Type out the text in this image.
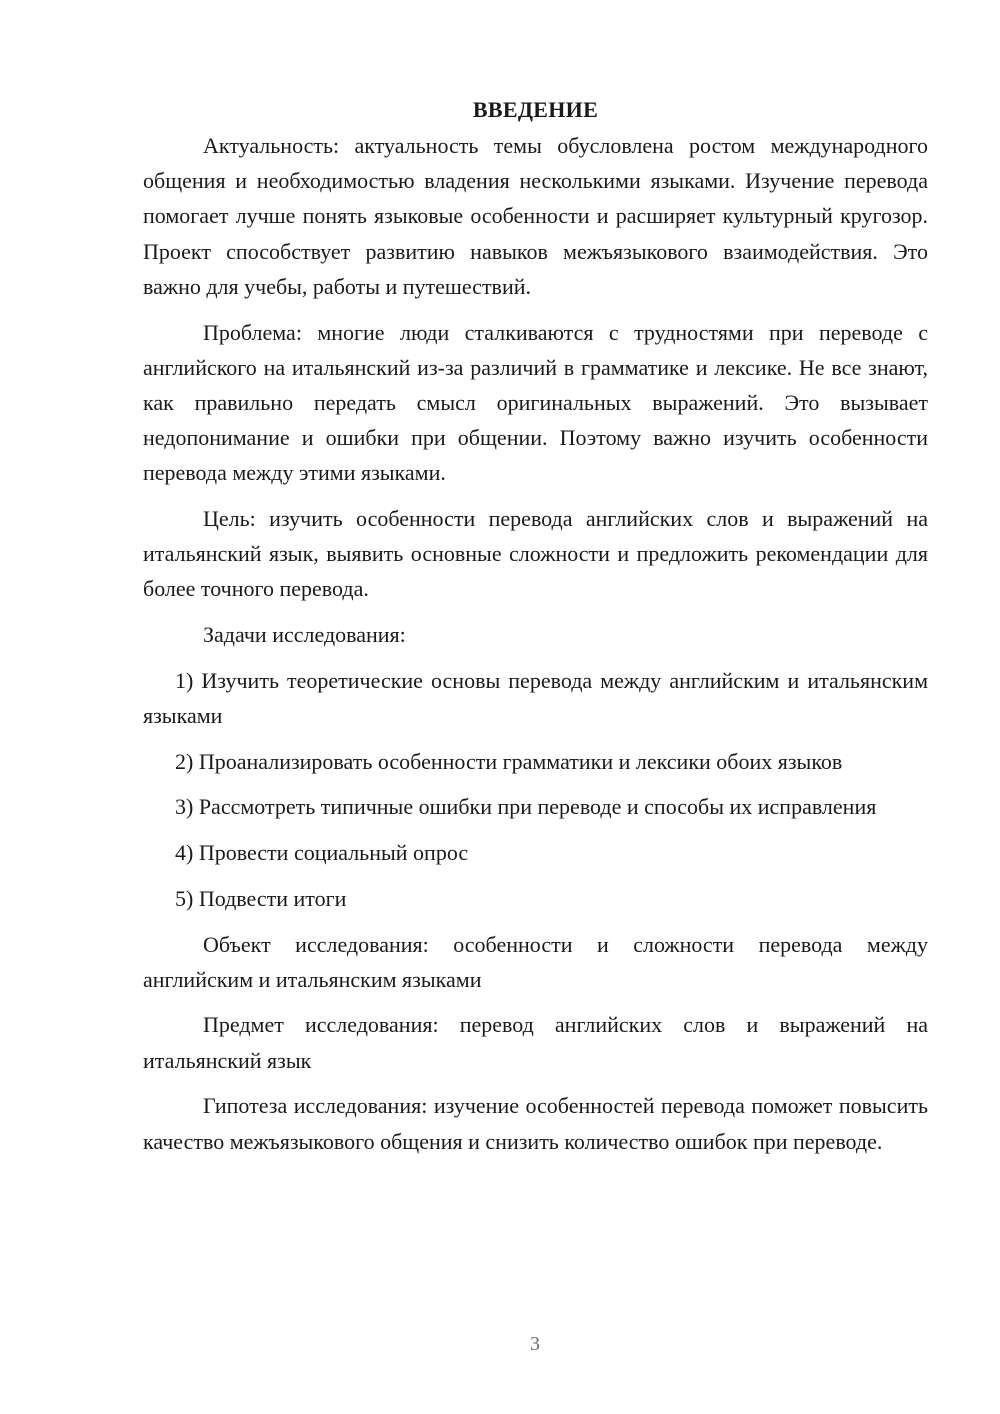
ВВЕДЕНИЕ

Актуальность: актуальность темы обусловлена ростом международного общения и необходимостью владения несколькими языками. Изучение перевода помогает лучше понять языковые особенности и расширяет культурный кругозор. Проект способствует развитию навыков межъязыкового взаимодействия. Это важно для учебы, работы и путешествий.

Проблема: многие люди сталкиваются с трудностями при переводе с английского на итальянский из-за различий в грамматике и лексике. Не все знают, как правильно передать смысл оригинальных выражений. Это вызывает недопонимание и ошибки при общении. Поэтому важно изучить особенности перевода между этими языками.

Цель: изучить особенности перевода английских слов и выражений на итальянский язык, выявить основные сложности и предложить рекомендации для более точного перевода.

Задачи исследования:

1) Изучить теоретические основы перевода между английским и итальянским языками

2) Проанализировать особенности грамматики и лексики обоих языков

3) Рассмотреть типичные ошибки при переводе и способы их исправления

4) Провести социальный опрос

5) Подвести итоги

Объект исследования: особенности и сложности перевода между английским и итальянским языками

Предмет исследования: перевод английских слов и выражений на итальянский язык

Гипотеза исследования: изучение особенностей перевода поможет повысить качество межъязыкового общения и снизить количество ошибок при переводе.

3
